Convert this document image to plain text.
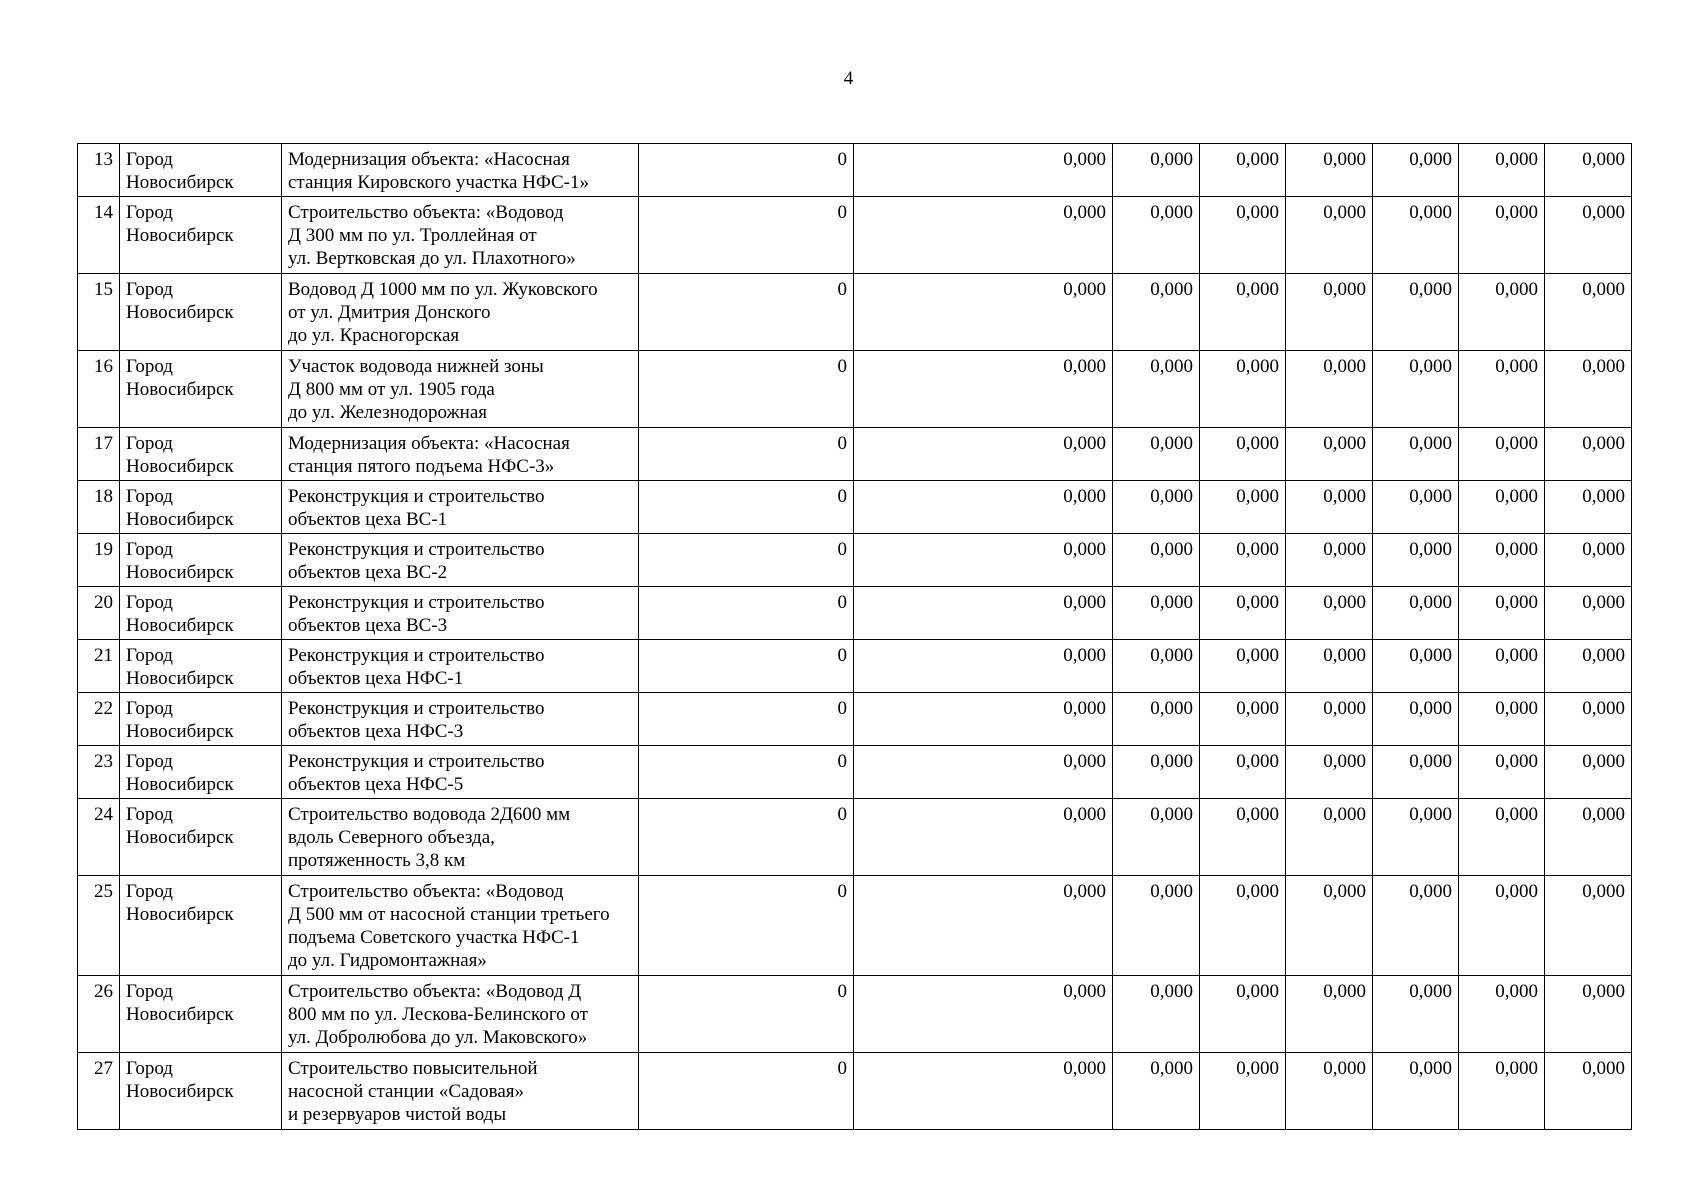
4
13	Город
Новосибирск	Модернизация объекта: «Насосная
станция Кировского участка НФС-1»	0	0,000	0,000	0,000	0,000	0,000	0,000	0,000
14	Город
Новосибирск	Строительство объекта: «Водовод
Д 300 мм по ул. Троллейная от
ул. Вертковская до ул. Плахотного»	0	0,000	0,000	0,000	0,000	0,000	0,000	0,000
15	Город
Новосибирск	Водовод Д 1000 мм по ул. Жуковского
от ул. Дмитрия Донского
до ул. Красногорская	0	0,000	0,000	0,000	0,000	0,000	0,000	0,000
16	Город
Новосибирск	Участок водовода нижней зоны
Д 800 мм от ул. 1905 года
до ул. Железнодорожная	0	0,000	0,000	0,000	0,000	0,000	0,000	0,000
17	Город
Новосибирск	Модернизация объекта: «Насосная
станция пятого подъема НФС-3»	0	0,000	0,000	0,000	0,000	0,000	0,000	0,000
18	Город
Новосибирск	Реконструкция и строительство
объектов цеха ВС-1	0	0,000	0,000	0,000	0,000	0,000	0,000	0,000
19	Город
Новосибирск	Реконструкция и строительство
объектов цеха ВС-2	0	0,000	0,000	0,000	0,000	0,000	0,000	0,000
20	Город
Новосибирск	Реконструкция и строительство
объектов цеха ВС-3	0	0,000	0,000	0,000	0,000	0,000	0,000	0,000
21	Город
Новосибирск	Реконструкция и строительство
объектов цеха НФС-1	0	0,000	0,000	0,000	0,000	0,000	0,000	0,000
22	Город
Новосибирск	Реконструкция и строительство
объектов цеха НФС-3	0	0,000	0,000	0,000	0,000	0,000	0,000	0,000
23	Город
Новосибирск	Реконструкция и строительство
объектов цеха НФС-5	0	0,000	0,000	0,000	0,000	0,000	0,000	0,000
24	Город
Новосибирск	Строительство водовода 2Д600 мм
вдоль Северного объезда,
протяженность 3,8 км	0	0,000	0,000	0,000	0,000	0,000	0,000	0,000
25	Город
Новосибирск	Строительство объекта: «Водовод
Д 500 мм от насосной станции третьего
подъема Советского участка НФС-1
до ул. Гидромонтажная»	0	0,000	0,000	0,000	0,000	0,000	0,000	0,000
26	Город
Новосибирск	Строительство объекта: «Водовод Д
800 мм по ул. Лескова-Белинского от
ул. Добролюбова до ул. Маковского»	0	0,000	0,000	0,000	0,000	0,000	0,000	0,000
27	Город
Новосибирск	Строительство повысительной
насосной станции «Садовая»
и резервуаров чистой воды	0	0,000	0,000	0,000	0,000	0,000	0,000	0,000
